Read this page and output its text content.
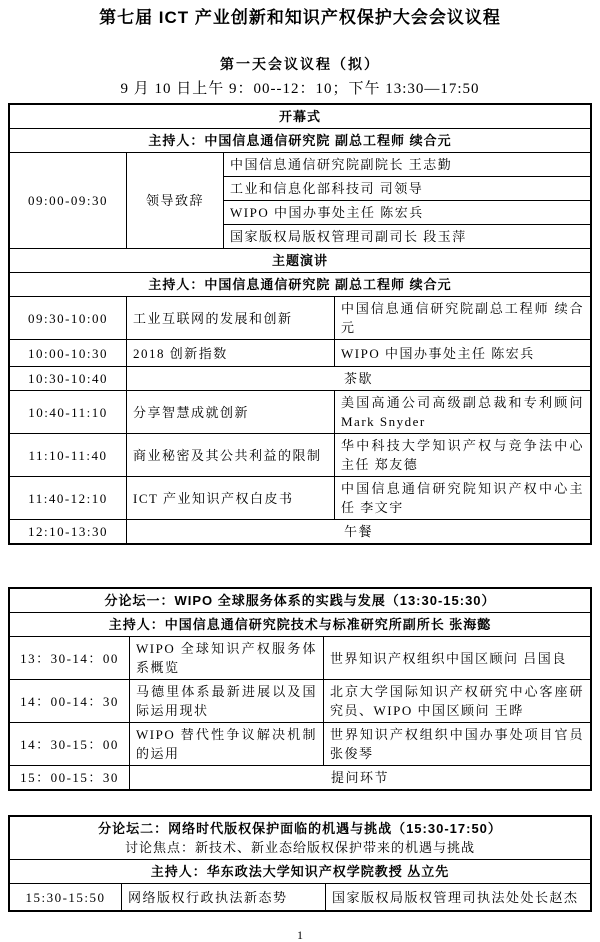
第七届 ICT 产业创新和知识产权保护大会会议议程
第一天会议议程（拟）
9 月 10 日上午 9：00--12：10；下午 13:30—17:50
开幕式			
主持人：中国信息通信研究院 副总工程师 续合元			
09:00-09:30	领导致辞	中国信息通信研究院副院长 王志勤	
		工业和信息化部科技司 司领导	
		WIPO 中国办事处主任 陈宏兵	
		国家版权局版权管理司副司长 段玉萍	
主题演讲			
主持人：中国信息通信研究院 副总工程师 续合元			
09:30-10:00	工业互联网的发展和创新		中国信息通信研究院副总工程师 续合元
10:00-10:30	2018 创新指数		WIPO 中国办事处主任 陈宏兵
10:30-10:40	茶歇		
10:40-11:10	分享智慧成就创新		美国高通公司高级副总裁和专利顾问 Mark Snyder
11:10-11:40	商业秘密及其公共利益的限制		华中科技大学知识产权与竞争法中心主任 郑友德
11:40-12:10	ICT 产业知识产权白皮书		中国信息通信研究院知识产权中心主任 李文宇
12:10-13:30	午餐		
分论坛一：WIPO 全球服务体系的实践与发展（13:30-15:30）		
主持人：中国信息通信研究院技术与标准研究所副所长 张海懿		
13：30-14：00	WIPO 全球知识产权服务体系概览	世界知识产权组织中国区顾问 吕国良
14：00-14：30	马德里体系最新进展以及国际运用现状	北京大学国际知识产权研究中心客座研究员、WIPO 中国区顾问 王晔
14：30-15：00	WIPO 替代性争议解决机制的运用	世界知识产权组织中国办事处项目官员 张俊琴
15：00-15：30	提问环节	
分论坛二：网络时代版权保护面临的机遇与挑战（15:30-17:50）
讨论焦点：新技术、新业态给版权保护带来的机遇与挑战

主持人：华东政法大学知识产权学院教授 丛立先
15:30-15:50	网络版权行政执法新态势	国家版权局版权管理司执法处处长赵杰
1
